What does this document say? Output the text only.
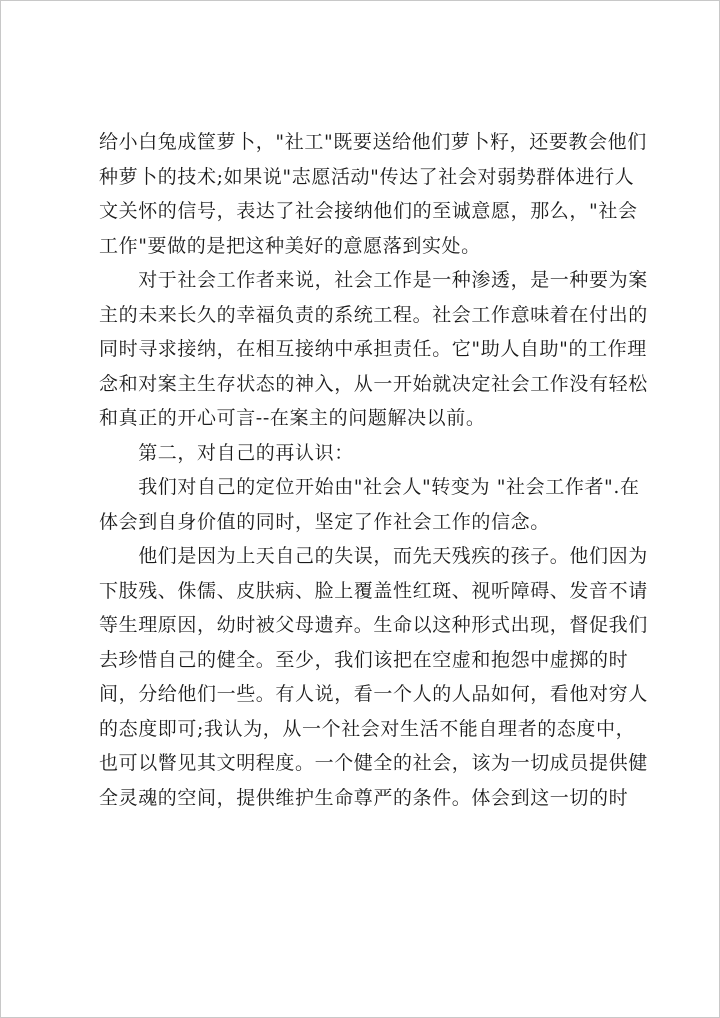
给小白兔成筐萝卜，"社工"既要送给他们萝卜籽，还要教会他们
种萝卜的技术;如果说"志愿活动"传达了社会对弱势群体进行人
文关怀的信号，表达了社会接纳他们的至诚意愿，那么，"社会
工作"要做的是把这种美好的意愿落到实处。
　　对于社会工作者来说，社会工作是一种渗透，是一种要为案
主的未来长久的幸福负责的系统工程。社会工作意味着在付出的
同时寻求接纳，在相互接纳中承担责任。它"助人自助"的工作理
念和对案主生存状态的神入，从一开始就决定社会工作没有轻松
和真正的开心可言--在案主的问题解决以前。
　　第二，对自己的再认识：
　　我们对自己的定位开始由"社会人"转变为 "社会工作者".在
体会到自身价值的同时，坚定了作社会工作的信念。
　　他们是因为上天自己的失误，而先天残疾的孩子。他们因为
下肢残、侏儒、皮肤病、脸上覆盖性红斑、视听障碍、发音不请
等生理原因，幼时被父母遗弃。生命以这种形式出现，督促我们
去珍惜自己的健全。至少，我们该把在空虚和抱怨中虚掷的时
间，分给他们一些。有人说，看一个人的人品如何，看他对穷人
的态度即可;我认为，从一个社会对生活不能自理者的态度中，
也可以瞥见其文明程度。一个健全的社会，该为一切成员提供健
全灵魂的空间，提供维护生命尊严的条件。体会到这一切的时
